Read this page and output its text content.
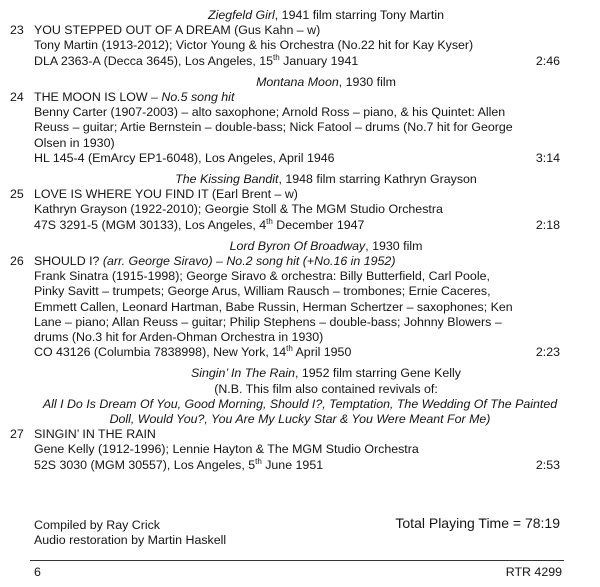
Ziegfeld Girl, 1941 film starring Tony Martin
23 YOU STEPPED OUT OF A DREAM (Gus Kahn – w)
Tony Martin (1913-2012); Victor Young & his Orchestra (No.22 hit for Kay Kyser)
DLA 2363-A (Decca 3645), Los Angeles, 15th January 1941	2:46
Montana Moon, 1930 film
24 THE MOON IS LOW – No.5 song hit
Benny Carter (1907-2003) – alto saxophone; Arnold Ross – piano, & his Quintet: Allen
Reuss – guitar; Artie Bernstein – double-bass; Nick Fatool – drums (No.7 hit for George
Olsen in 1930)
HL 145-4 (EmArcy EP1-6048), Los Angeles, April 1946	3:14
The Kissing Bandit, 1948 film starring Kathryn Grayson
25 LOVE IS WHERE YOU FIND IT (Earl Brent – w)
Kathryn Grayson (1922-2010); Georgie Stoll & The MGM Studio Orchestra
47S 3291-5 (MGM 30133), Los Angeles, 4th December 1947	2:18
Lord Byron Of Broadway, 1930 film
26 SHOULD I? (arr. George Siravo) – No.2 song hit (+No.16 in 1952)
Frank Sinatra (1915-1998); George Siravo & orchestra: Billy Butterfield, Carl Poole,
Pinky Savitt – trumpets; George Arus, William Rausch – trombones; Ernie Caceres,
Emmett Callen, Leonard Hartman, Babe Russin, Herman Schertzer – saxophones; Ken
Lane – piano; Allan Reuss – guitar; Philip Stephens – double-bass; Johnny Blowers –
drums (No.3 hit for Arden-Ohman Orchestra in 1930)
CO 43126 (Columbia 7838998), New York, 14th April 1950	2:23
Singin’ In The Rain, 1952 film starring Gene Kelly
(N.B. This film also contained revivals of:
All I Do Is Dream Of You, Good Morning, Should I?, Temptation, The Wedding Of The Painted
Doll, Would You?, You Are My Lucky Star & You Were Meant For Me)
27 SINGIN’ IN THE RAIN
Gene Kelly (1912-1996); Lennie Hayton & The MGM Studio Orchestra
52S 3030 (MGM 30557), Los Angeles, 5th June 1951	2:53
Compiled by Ray Crick
Audio restoration by Martin Haskell
Total Playing Time = 78:19
6	RTR 4299
